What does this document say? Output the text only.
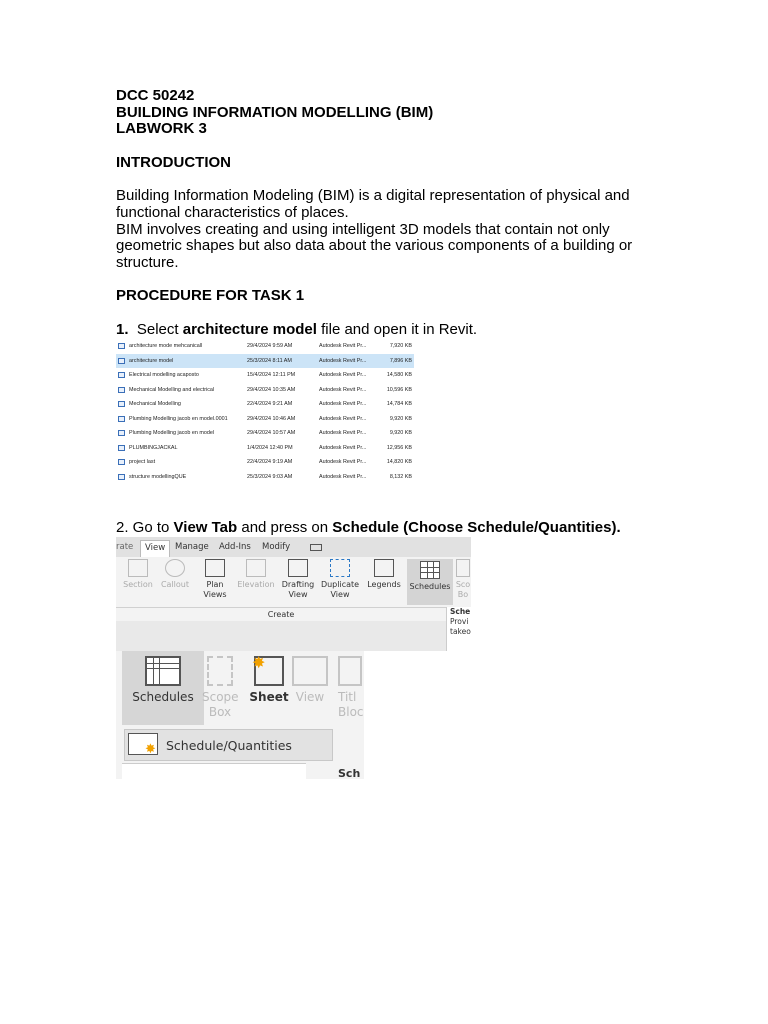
DCC 50242

BUILDING INFORMATION MODELLING (BIM)

LABWORK 3

INTRODUCTION

Building Information Modeling (BIM) is a digital representation of physical and functional characteristics of places.

BIM involves creating and using intelligent 3D models that contain not only geometric shapes but also data about the various components of a building or structure.

PROCEDURE FOR TASK 1

1. Select architecture model file and open it in Revit.

architecture mode mehcanicall	29/4/2024 9:59 AM	Autodesk Revit Pr...	7,920 KB
architecture model	25/3/2024 8:11 AM	Autodesk Revit Pr...	7,896 KB
Electrical modelling acaposto	15/4/2024 12:11 PM	Autodesk Revit Pr...	14,580 KB
Mechanical Modelling and electrical	29/4/2024 10:35 AM	Autodesk Revit Pr...	10,596 KB
Mechanical Modelling	22/4/2024 9:21 AM	Autodesk Revit Pr...	14,784 KB
Plumbing Modelling jacob en model.0001	29/4/2024 10:46 AM	Autodesk Revit Pr...	9,920 KB
Plumbing Modelling jacob en model	29/4/2024 10:57 AM	Autodesk Revit Pr...	9,920 KB
PLUMBINGJACKAL	1/4/2024 12:40 PM	Autodesk Revit Pr...	12,956 KB
project last	22/4/2024 9:19 AM	Autodesk Revit Pr...	14,820 KB
structure modellingQUE	25/3/2024 9:03 AM	Autodesk Revit Pr...	8,132 KB

2. Go to View Tab and press on Schedule (Choose Schedule/Quantities).

rate	View	Manage Add-Ins Modify
Section	Callout	Plan Views
Elevation Drafting View
Duplicate View
Legends	Schedules Sco Bo
Create	Sche
Provi
takeo
Schedules Scope Box
Sheet
✸
View	Titl Bloc
✸ Schedule/Quantities
Sch
